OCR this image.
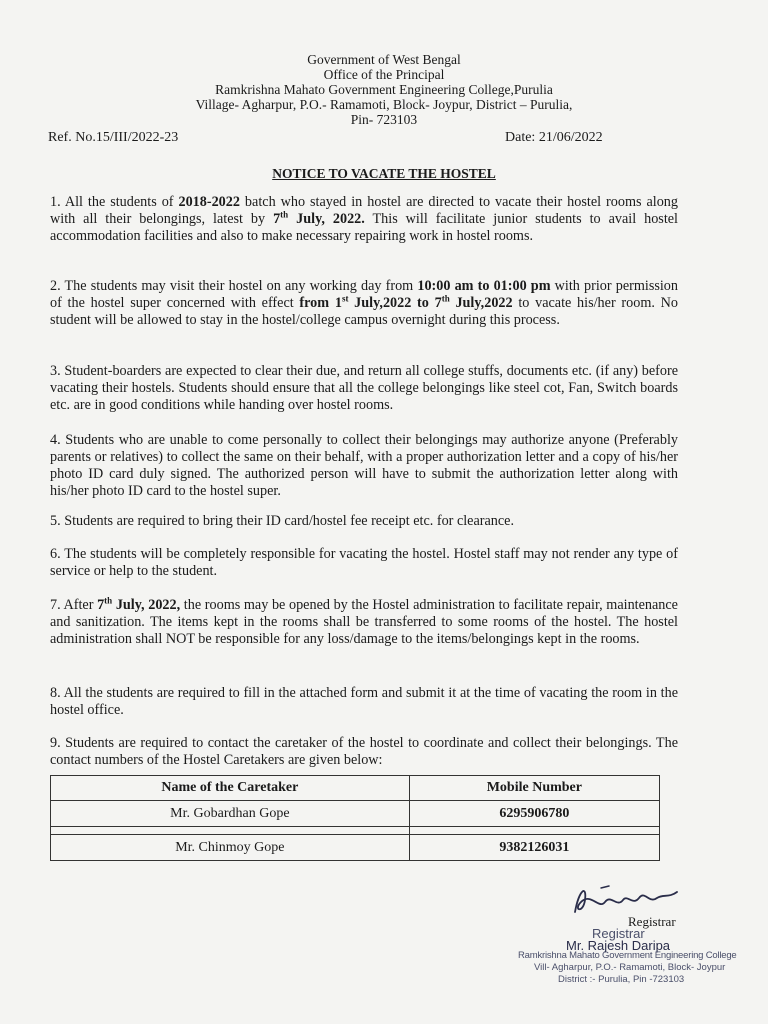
Government of West Bengal
Office of the Principal
Ramkrishna Mahato Government Engineering College,Purulia
Village- Agharpur, P.O.- Ramamoti, Block- Joypur, District – Purulia,
Pin- 723103
Ref. No.15/III/2022-23	Date: 21/06/2022
NOTICE TO VACATE THE HOSTEL
1. All the students of 2018-2022 batch who stayed in hostel are directed to vacate their hostel rooms along with all their belongings, latest by 7th July, 2022. This will facilitate junior students to avail hostel accommodation facilities and also to make necessary repairing work in hostel rooms.
2. The students may visit their hostel on any working day from 10:00 am to 01:00 pm with prior permission of the hostel super concerned with effect from 1st July,2022 to 7th July,2022 to vacate his/her room. No student will be allowed to stay in the hostel/college campus overnight during this process.
3. Student-boarders are expected to clear their due, and return all college stuffs, documents etc. (if any) before vacating their hostels. Students should ensure that all the college belongings like steel cot, Fan, Switch boards etc. are in good conditions while handing over hostel rooms.
4. Students who are unable to come personally to collect their belongings may authorize anyone (Preferably parents or relatives) to collect the same on their behalf, with a proper authorization letter and a copy of his/her photo ID card duly signed. The authorized person will have to submit the authorization letter along with his/her photo ID card to the hostel super.
5. Students are required to bring their ID card/hostel fee receipt etc. for clearance.
6. The students will be completely responsible for vacating the hostel. Hostel staff may not render any type of service or help to the student.
7. After 7th July, 2022, the rooms may be opened by the Hostel administration to facilitate repair, maintenance and sanitization. The items kept in the rooms shall be transferred to some rooms of the hostel. The hostel administration shall NOT be responsible for any loss/damage to the items/belongings kept in the rooms.
8. All the students are required to fill in the attached form and submit it at the time of vacating the room in the hostel office.
9. Students are required to contact the caretaker of the hostel to coordinate and collect their belongings. The contact numbers of the Hostel Caretakers are given below:
Name of the Caretaker	Mobile Number
Mr. Gobardhan Gope	6295906780

Mr. Chinmoy Gope	9382126031
Registrar
Registrar
Mr. Rajesh Daripa
Ramkrishna Mahato Government Engineering College
Vill- Agharpur, P.O.- Ramamoti, Block- Joypur
District :- Purulia, Pin -723103
